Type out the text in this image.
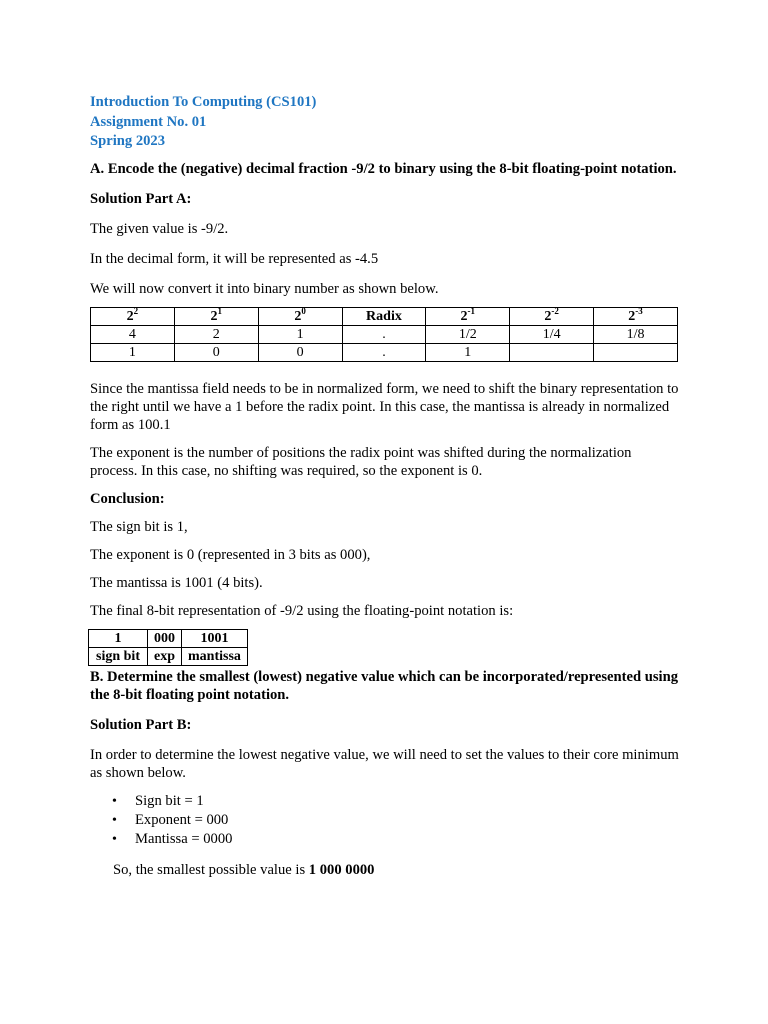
Introduction To Computing (CS101)

Assignment No. 01

Spring 2023

A. Encode the (negative) decimal fraction -9/2 to binary using the 8-bit floating-point notation.

Solution Part A:

The given value is -9/2.

In the decimal form, it will be represented as -4.5

We will now convert it into binary number as shown below.

$2^2$	$2^1$	$2^0$	Radix	$2^{-1}$	$2^{-2}$	$2^{-3}$
4	2	1	.	1/2	1/4	1/8
1	0	0	.	1		

Since the mantissa field needs to be in normalized form, we need to shift the binary representation to the right until we have a 1 before the radix point. In this case, the mantissa is already in normalized form as 100.1

The exponent is the number of positions the radix point was shifted during the normalization process. In this case, no shifting was required, so the exponent is 0.

Conclusion:

The sign bit is 1,

The exponent is 0 (represented in 3 bits as 000),

The mantissa is 1001 (4 bits).

The final 8-bit representation of -9/2 using the floating-point notation is:

1	000	1001
sign bit	exp	mantissa

B. Determine the smallest (lowest) negative value which can be incorporated/represented using the 8-bit floating point notation.

Solution Part B:

In order to determine the lowest negative value, we will need to set the values to their core minimum as shown below.

• Sign bit = 1
• Exponent = 000
• Mantissa = 0000

So, the smallest possible value is 1 000 0000
